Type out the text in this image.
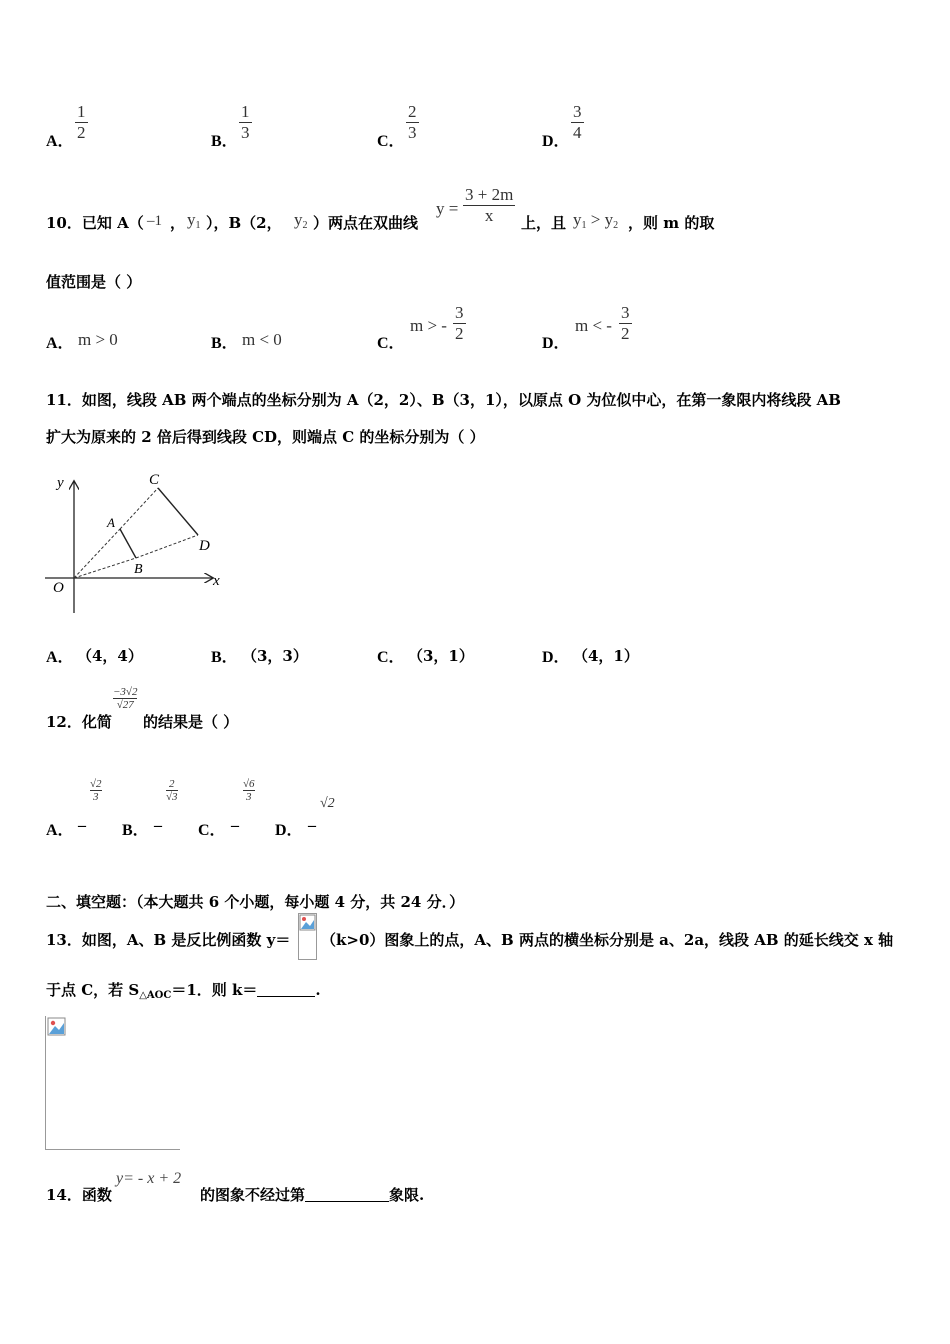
A．
1
2	B．
1
3	C．
2
3	D．
3
4
10．已知 A（ –1 ， $y_1$ ），B（2， $y_2$ ）两点在双曲线
y =
3 + 2m
x	上，且 $y_1 > y_2$ ，则 m 的取
值范围是（ ）
A． m > 0	B． m < 0	C．
m > -
3
2
D．
m < -
3
2
11．如图，线段 AB 两个端点的坐标分别为 A（2，2）、B（3，1），以原点 O 为位似中心，在第一象限内将线段 AB
扩大为原来的 2 倍后得到线段 CD，则端点 C 的坐标分别为（ ）
y
x
O
A
B
C
D
A． （4，4）	B． （3，3）	C． （3，1）	D． （4，1）
12．化简
−3√2
√27
的结果是（ ）
A． –
√2
3
B． –
2
√3
C． –
√6
3
D． –
√2
二、填空题：（本大题共 6 个小题，每小题 4 分，共 24 分．）
13．如图，A、B 是反比例函数 y＝ （k>0）图象上的点，A、B 两点的横坐标分别是 a、2a，线段 AB 的延长线交 x 轴
于点 C，若 $S_{\triangle AOC}=1$．则 k＝	.
14．函数
y= - x + 2
的图象不经过第	象限.
